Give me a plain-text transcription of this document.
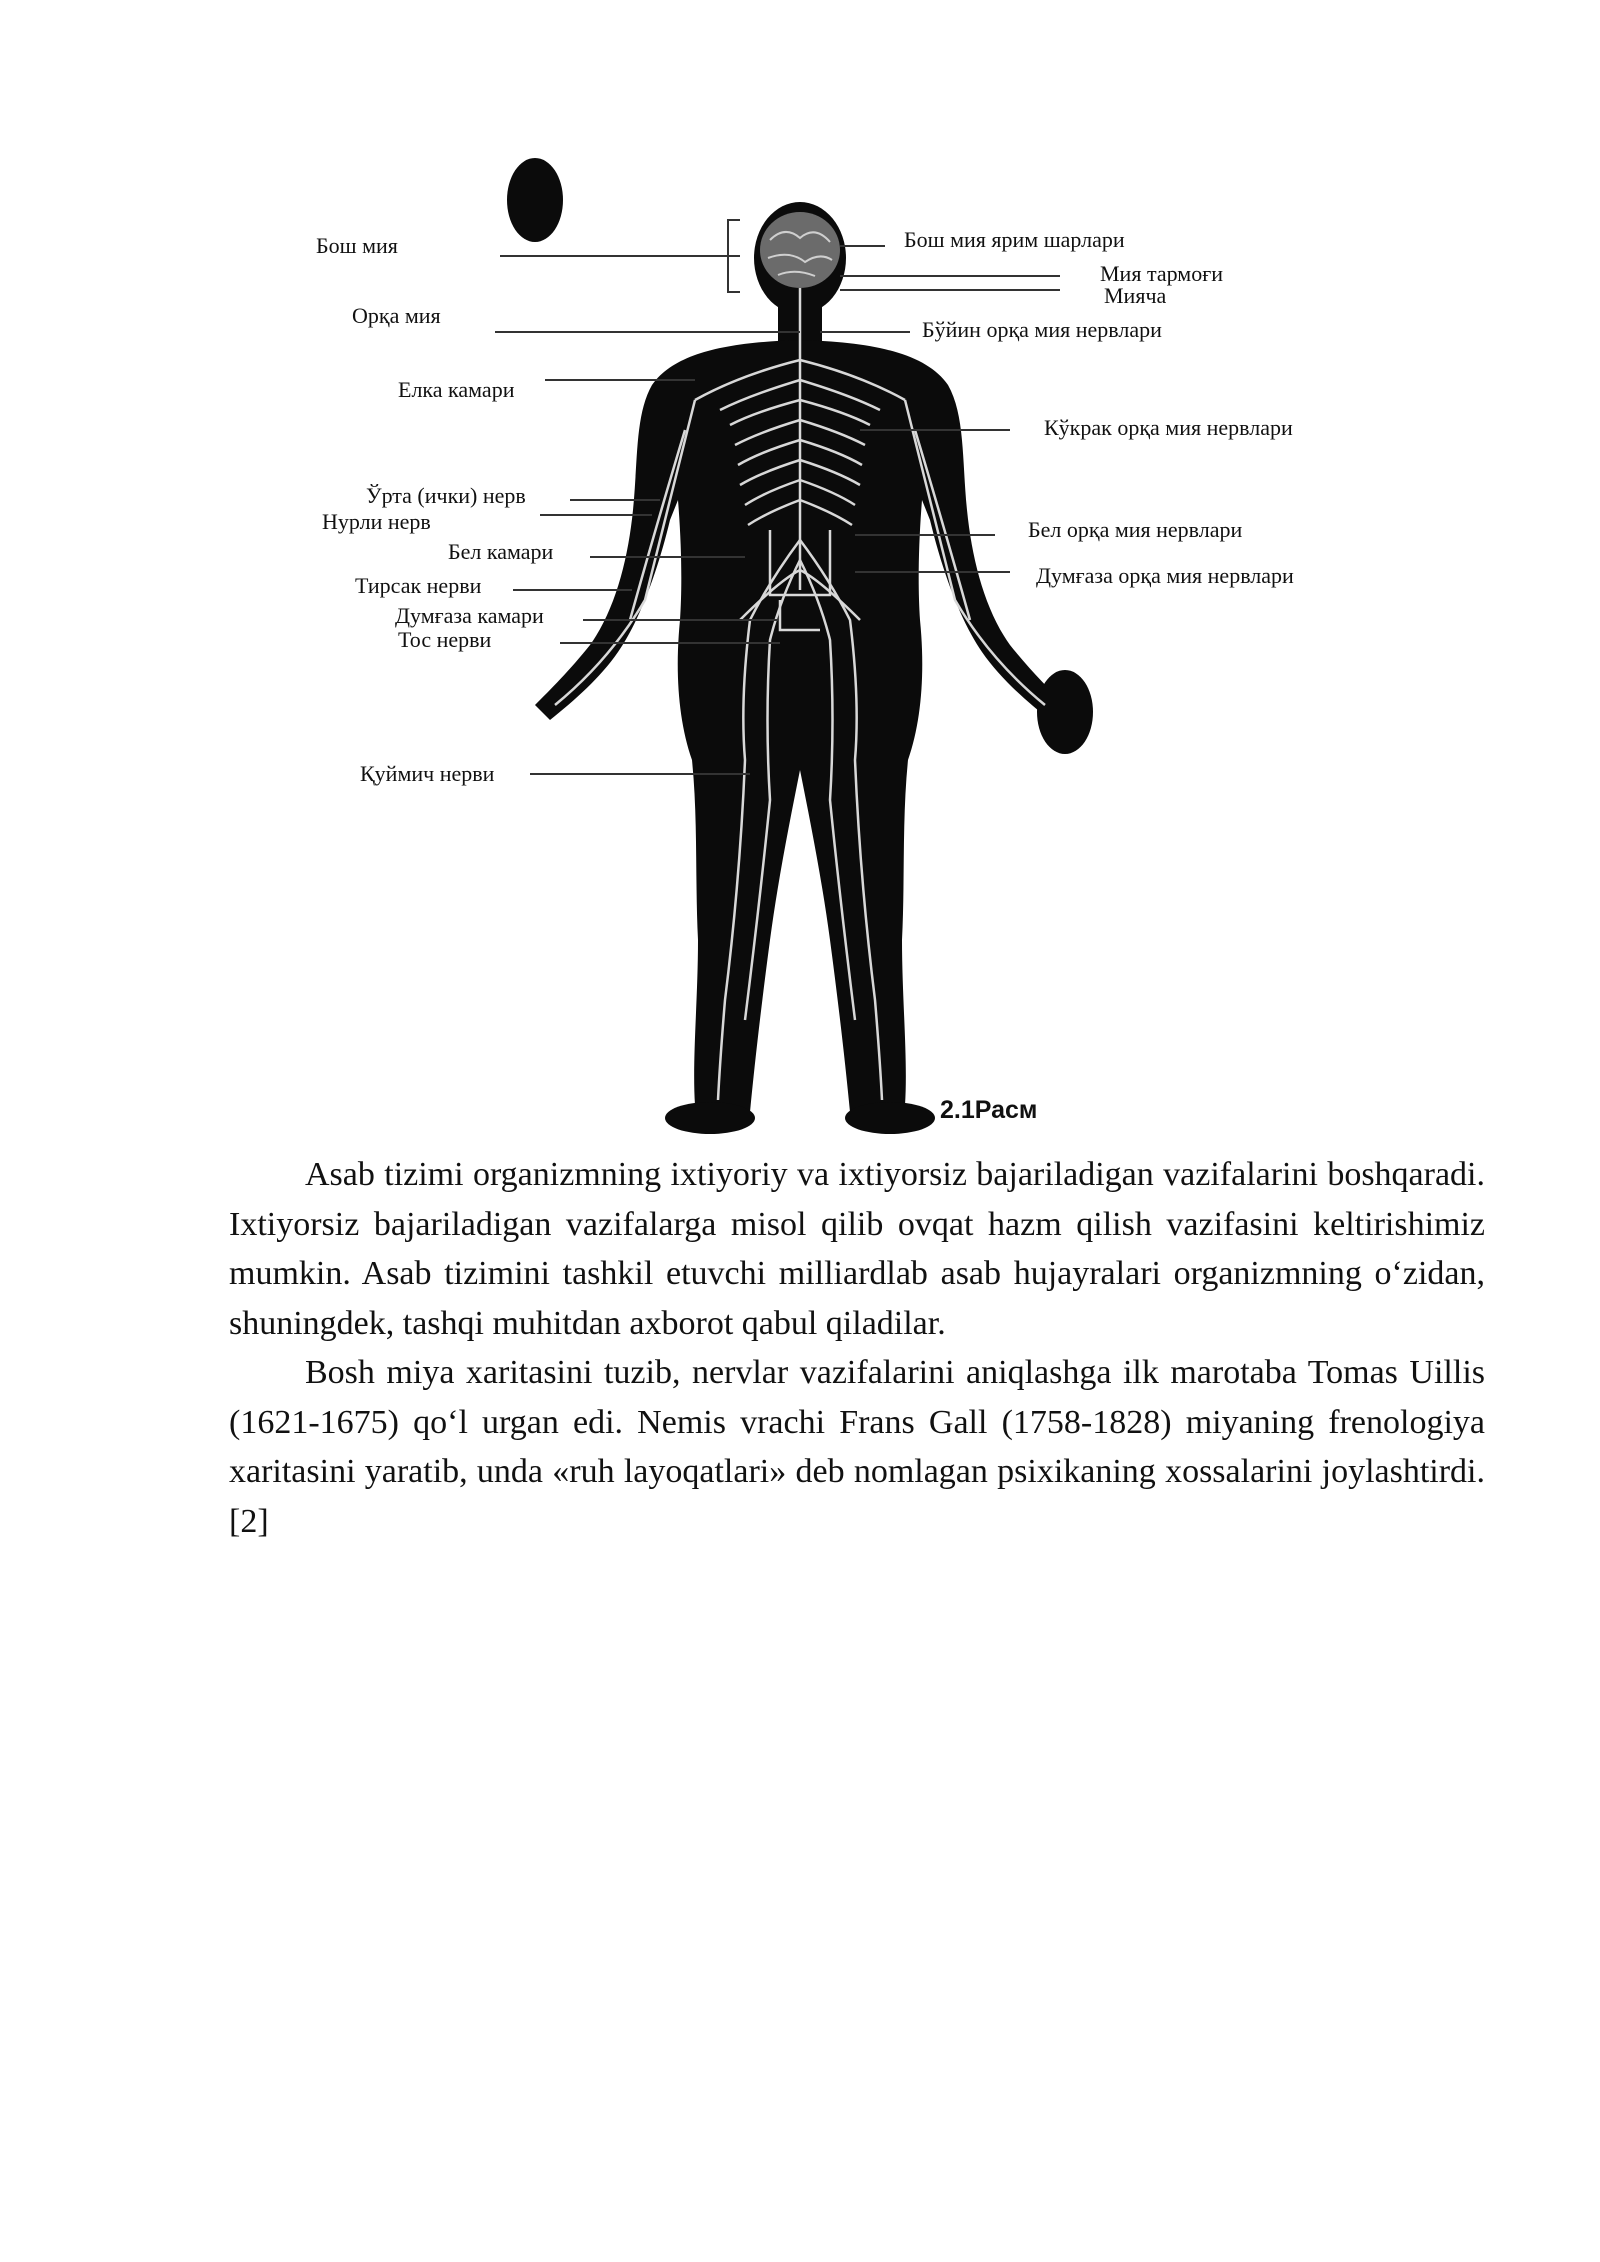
Бош мия
Орқа мия
Елка камари
Ўрта (ички) нерв
Нурли нерв
Бел камари
Тирсак нерви
Думғаза камари
Тос нерви
Қуймич нерви
Бош мия ярим шарлари
Мия тармоғи
Миячa
Бўйин орқа мия нервлари
Кўкрак орқа мия нервлари
Бел орқа мия нервлари
Думғаза орқа мия нервлари
2.1Расм

Asab tizimi organizmning ixtiyoriy va ixtiyorsiz bajariladigan vazifalarini boshqaradi. Ixtiyorsiz bajariladigan vazifalarga misol qilib ovqat hazm qilish vazifasini keltirishimiz mumkin. Asab tizimini tashkil etuvchi milliardlab asab hujayralari organizmning o‘zidan, shuningdek, tashqi muhitdan axborot qabul qiladilar.

Bosh miya xaritasini tuzib, nervlar vazifalarini aniqlashga ilk marotaba Tomas Uillis (1621-1675) qo‘l urgan edi. Nemis vrachi Frans Gall (1758-1828) miyaning frenologiya xaritasini yaratib, unda «ruh layoqatlari» deb nomlagan psixikaning xossalarini joylashtirdi.[2]
